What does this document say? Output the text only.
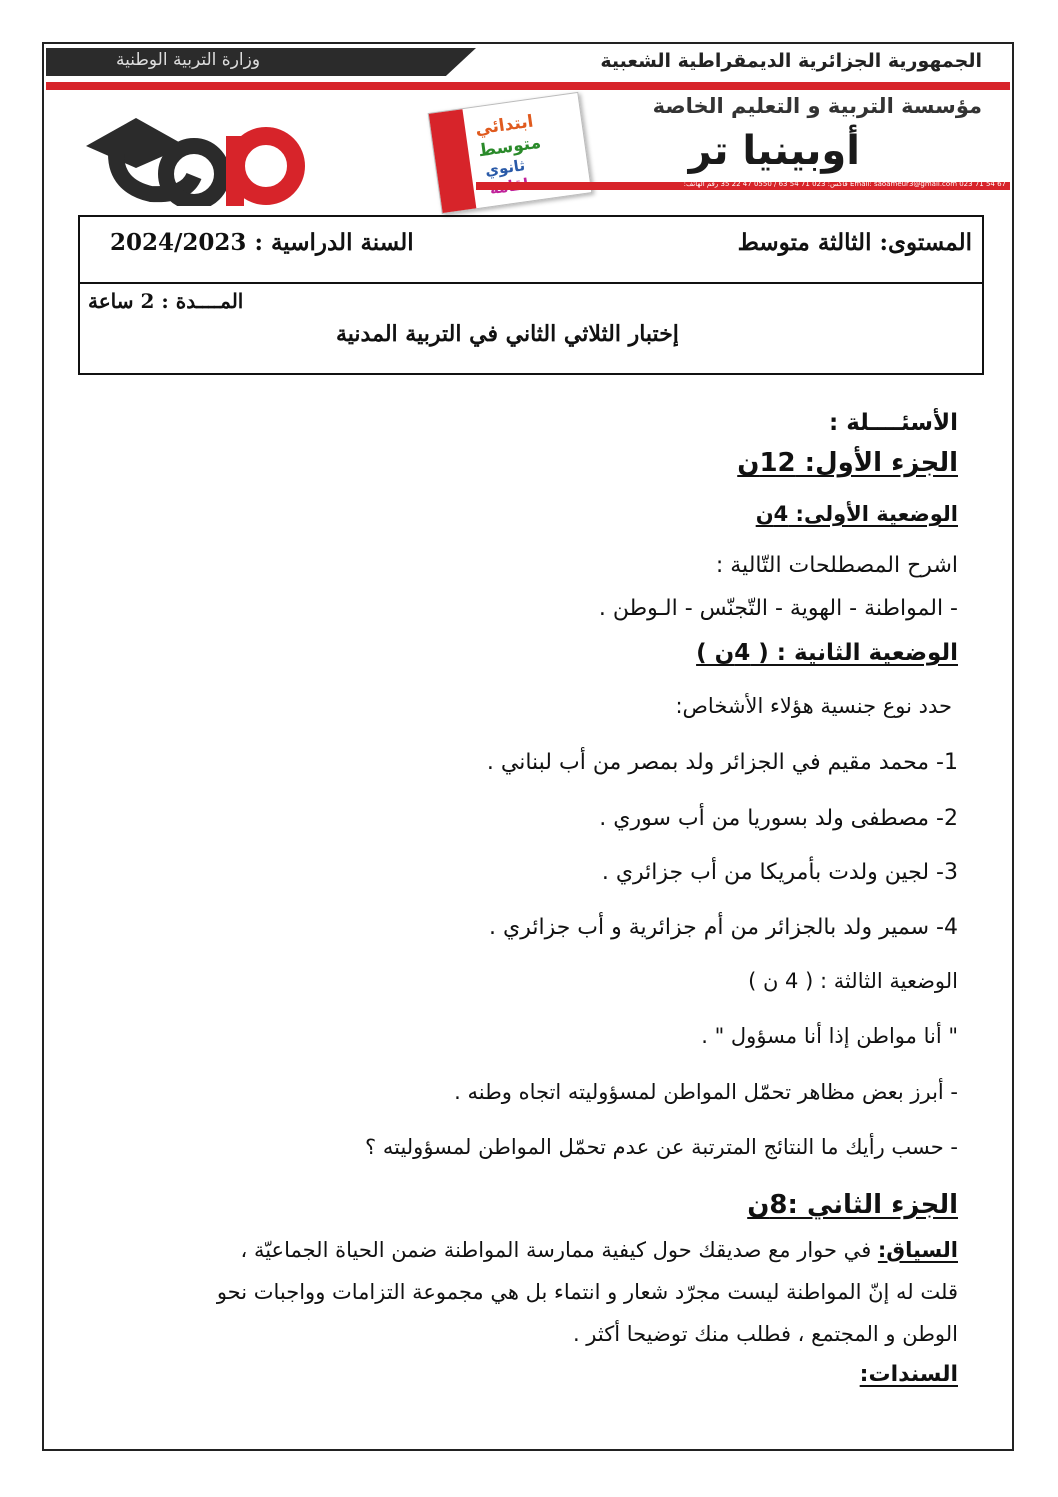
وزارة التربية الوطنية	الجمهورية الجزائرية الديمقراطية الشعبية
ابتدائي
متوسط
ثانوي
مؤسسة التربية و التعليم الخاصة
أوبينيا تر
Email: saoameur3@gmail.com 023 71 54 67 فاكس: 023 71 54 63 / 0550 47 22 35 رقم الهاتف:
المستوى: الثالثة متوسط
السنة الدراسية : 2024/2023
المــــدة : 2 ساعة
إختبار الثلاثي الثاني في التربية المدنية
الأسئــــلة :
الجزء الأول: 12ن
الوضعية الأولى: 4ن
اشرح المصطلحات التّالية :
- المواطنة - الهوية - التّجنّس - الـوطن .
الوضعية الثانية : ( 4ن )
حدد نوع جنسية هؤلاء الأشخاص:
1- محمد مقيم في الجزائر ولد بمصر من أب لبناني .
2- مصطفى ولد بسوريا من أب سوري .
3- لجين ولدت بأمريكا من أب جزائري .
4- سمير ولد بالجزائر من أم جزائرية و أب جزائري .
الوضعية الثالثة : ( 4 ن )
" أنا مواطن إذا أنا مسؤول " .
- أبرز بعض مظاهر تحمّل المواطن لمسؤوليته اتجاه وطنه .
- حسب رأيك ما النتائج المترتبة عن عدم تحمّل المواطن لمسؤوليته ؟
الجزء الثاني :8ن
السياق: في حوار مع صديقك حول كيفية ممارسة المواطنة ضمن الحياة الجماعيّة ،
قلت له إنّ المواطنة ليست مجرّد شعار و انتماء بل هي مجموعة التزامات وواجبات نحو
الوطن و المجتمع ، فطلب منك توضيحا أكثر .
السندات:
